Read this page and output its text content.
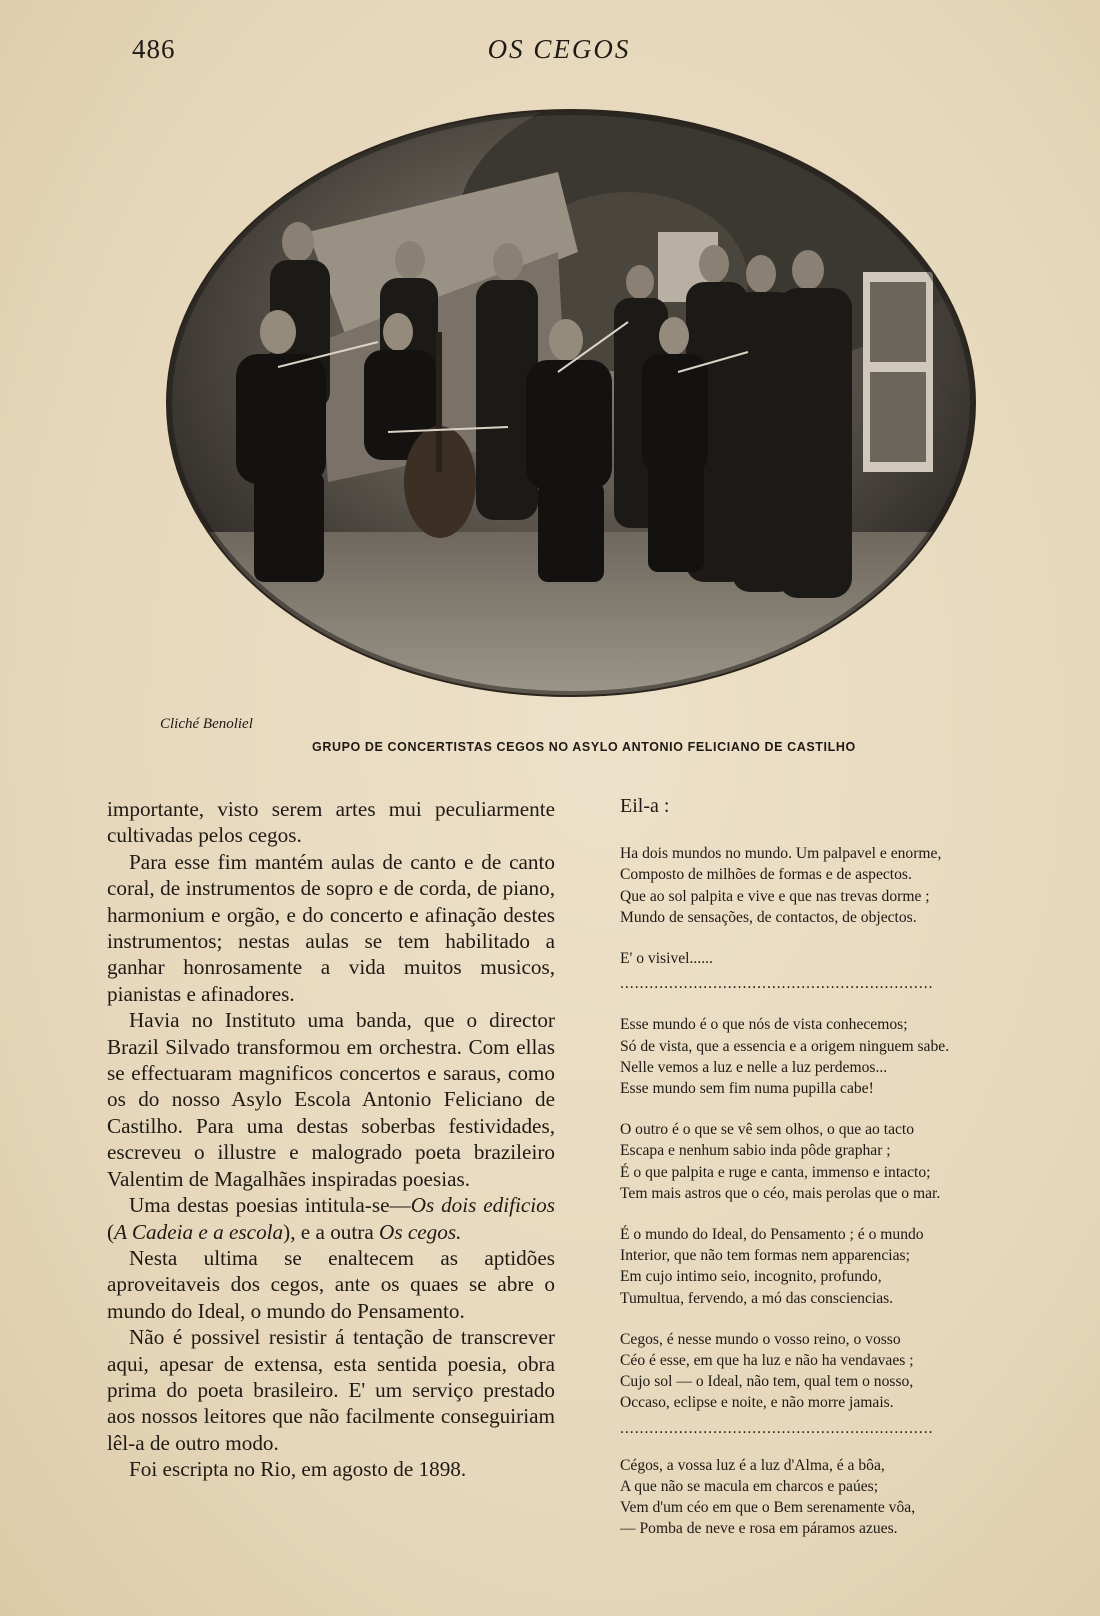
486	OS CEGOS
Cliché Benoliel
GRUPO DE CONCERTISTAS CEGOS NO ASYLO ANTONIO FELICIANO DE CASTILHO

importante, visto serem artes mui peculiarmente cultivadas pelos cegos.

Para esse fim mantém aulas de canto e de canto coral, de instrumentos de sopro e de corda, de piano, harmonium e orgão, e do concerto e afinação destes instrumentos; nestas aulas se tem habilitado a ganhar honrosamente a vida muitos musicos, pianistas e afinadores.

Havia no Instituto uma banda, que o director Brazil Silvado transformou em orchestra. Com ellas se effectuaram magnificos concertos e saraus, como os do nosso Asylo Escola Antonio Feliciano de Castilho. Para uma destas soberbas festividades, escreveu o illustre e malogrado poeta brazileiro Valentim de Magalhães inspiradas poesias.

Uma destas poesias intitula-se—Os dois edificios (A Cadeia e a escola), e a outra Os cegos.

Nesta ultima se enaltecem as aptidões aproveitaveis dos cegos, ante os quaes se abre o mundo do Ideal, o mundo do Pensamento.

Não é possivel resistir á tentação de transcrever aqui, apesar de extensa, esta sentida poesia, obra prima do poeta brasileiro. E' um serviço prestado aos nossos leitores que não facilmente conseguiriam lêl-a de outro modo.

Foi escripta no Rio, em agosto de 1898.

Eil-a :
Ha dois mundos no mundo. Um palpavel e enorme,
Composto de milhões de formas e de aspectos.
Que ao sol palpita e vive e que nas trevas dorme ;
Mundo de sensações, de contactos, de objectos.
E' o visivel......
................................................................
Esse mundo é o que nós de vista conhecemos;
Só de vista, que a essencia e a origem ninguem sabe.
Nelle vemos a luz e nelle a luz perdemos...
Esse mundo sem fim numa pupilla cabe!
O outro é o que se vê sem olhos, o que ao tacto
Escapa e nenhum sabio inda pôde graphar ;
É o que palpita e ruge e canta, immenso e intacto;
Tem mais astros que o céo, mais perolas que o mar.
É o mundo do Ideal, do Pensamento ; é o mundo
Interior, que não tem formas nem apparencias;
Em cujo intimo seio, incognito, profundo,
Tumultua, fervendo, a mó das consciencias.
Cegos, é nesse mundo o vosso reino, o vosso
Céo é esse, em que ha luz e não ha vendavaes ;
Cujo sol — o Ideal, não tem, qual tem o nosso,
Occaso, eclipse e noite, e não morre jamais.
................................................................
Cégos, a vossa luz é a luz d'Alma, é a bôa,
A que não se macula em charcos e paúes;
Vem d'um céo em que o Bem serenamente vôa,
— Pomba de neve e rosa em páramos azues.
